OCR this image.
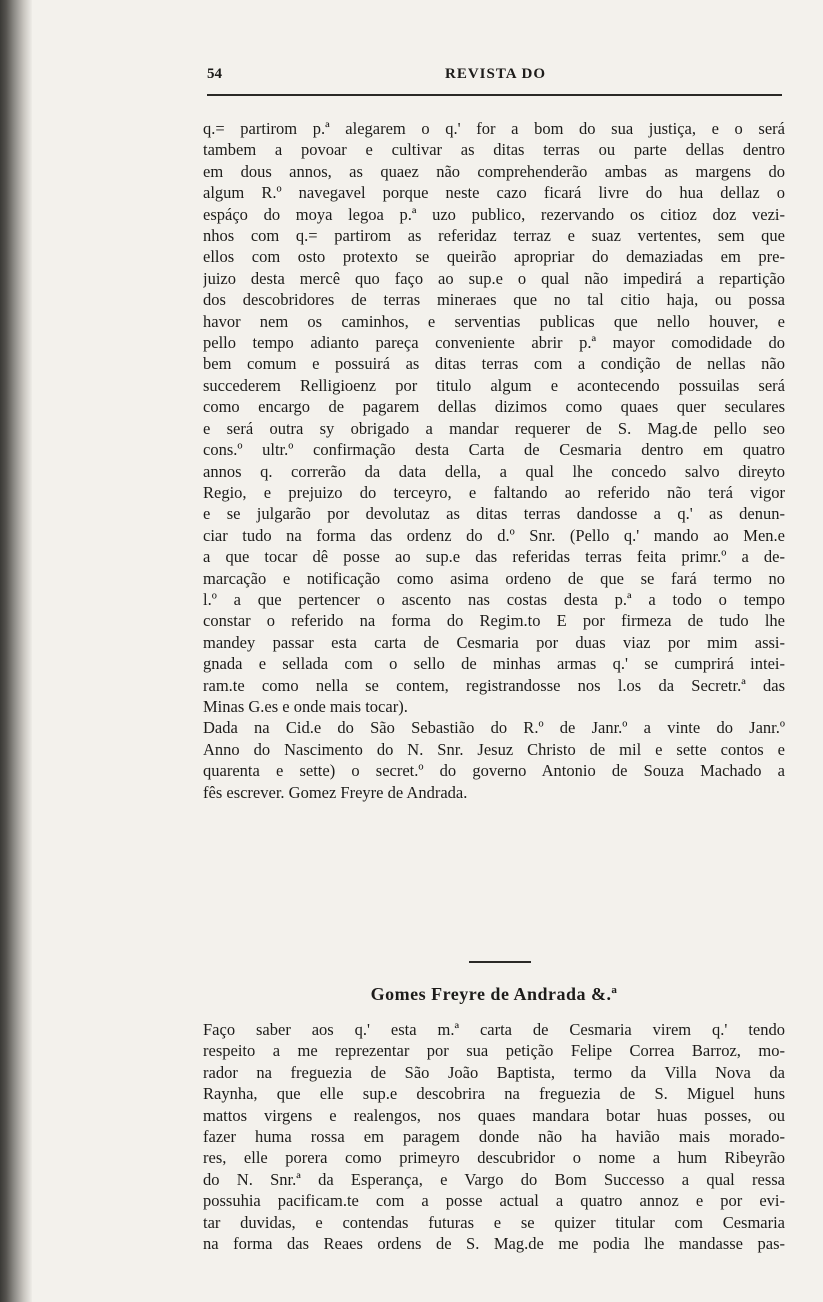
54	REVISTA DO
q.= partirom p.ª alegarem o q.' for a bom do sua justiça, e o será
tambem a povoar e cultivar as ditas terras ou parte dellas dentro
em dous annos, as quaez não comprehenderão ambas as margens do
algum R.º navegavel porque neste cazo ficará livre do hua dellaz o
espáço do moya legoa p.ª uzo publico, rezervando os citioz doz vezi-
nhos com q.= partirom as referidaz terraz e suaz vertentes, sem que
ellos com osto protexto se queirão apropriar do demaziadas em pre-
juizo desta mercê quo faço ao sup.e o qual não impedirá a repartição
dos descobridores de terras mineraes que no tal citio haja, ou possa
havor nem os caminhos, e serventias publicas que nello houver, e
pello tempo adianto pareça conveniente abrir p.ª mayor comodidade do
bem comum e possuirá as ditas terras com a condição de nellas não
succederem Relligioenz por titulo algum e acontecendo possuilas será
como encargo de pagarem dellas dizimos como quaes quer seculares
e será outra sy obrigado a mandar requerer de S. Mag.de pello seo
cons.º ultr.º confirmação desta Carta de Cesmaria dentro em quatro
annos q. correrão da data della, a qual lhe concedo salvo direyto
Regio, e prejuizo do terceyro, e faltando ao referido não terá vigor
e se julgarão por devolutaz as ditas terras dandosse a q.' as denun-
ciar tudo na forma das ordenz do d.º Snr. (Pello q.' mando ao Men.e
a que tocar dê posse ao sup.e das referidas terras feita primr.º a de-
marcação e notificação como asima ordeno de que se fará termo no
l.º a que pertencer o ascento nas costas desta p.ª a todo o tempo
constar o referido na forma do Regim.to E por firmeza de tudo lhe
mandey passar esta carta de Cesmaria por duas viaz por mim assi-
gnada e sellada com o sello de minhas armas q.' se cumprirá intei-
ram.te como nella se contem, registrandosse nos l.os da Secretr.ª das
Minas G.es e onde mais tocar).
Dada na Cid.e do São Sebastião do R.º de Janr.º a vinte do Janr.º
Anno do Nascimento do N. Snr. Jesuz Christo de mil e sette contos e
quarenta e sette) o secret.º do governo Antonio de Souza Machado a
fês escrever. Gomez Freyre de Andrada.
Gomes Freyre de Andrada &.ª
Faço saber aos q.' esta m.ª carta de Cesmaria virem q.' tendo
respeito a me reprezentar por sua petição Felipe Correa Barroz, mo-
rador na freguezia de São João Baptista, termo da Villa Nova da
Raynha, que elle sup.e descobrira na freguezia de S. Miguel huns
mattos virgens e realengos, nos quaes mandara botar huas posses, ou
fazer huma rossa em paragem donde não ha havião mais morado-
res, elle porera como primeyro descubridor o nome a hum Ribeyrão
do N. Snr.ª da Esperança, e Vargo do Bom Successo a qual ressa
possuhia pacificam.te com a posse actual a quatro annoz e por evi-
tar duvidas, e contendas futuras e se quizer titular com Cesmaria
na forma das Reaes ordens de S. Mag.de me podia lhe mandasse pas-
